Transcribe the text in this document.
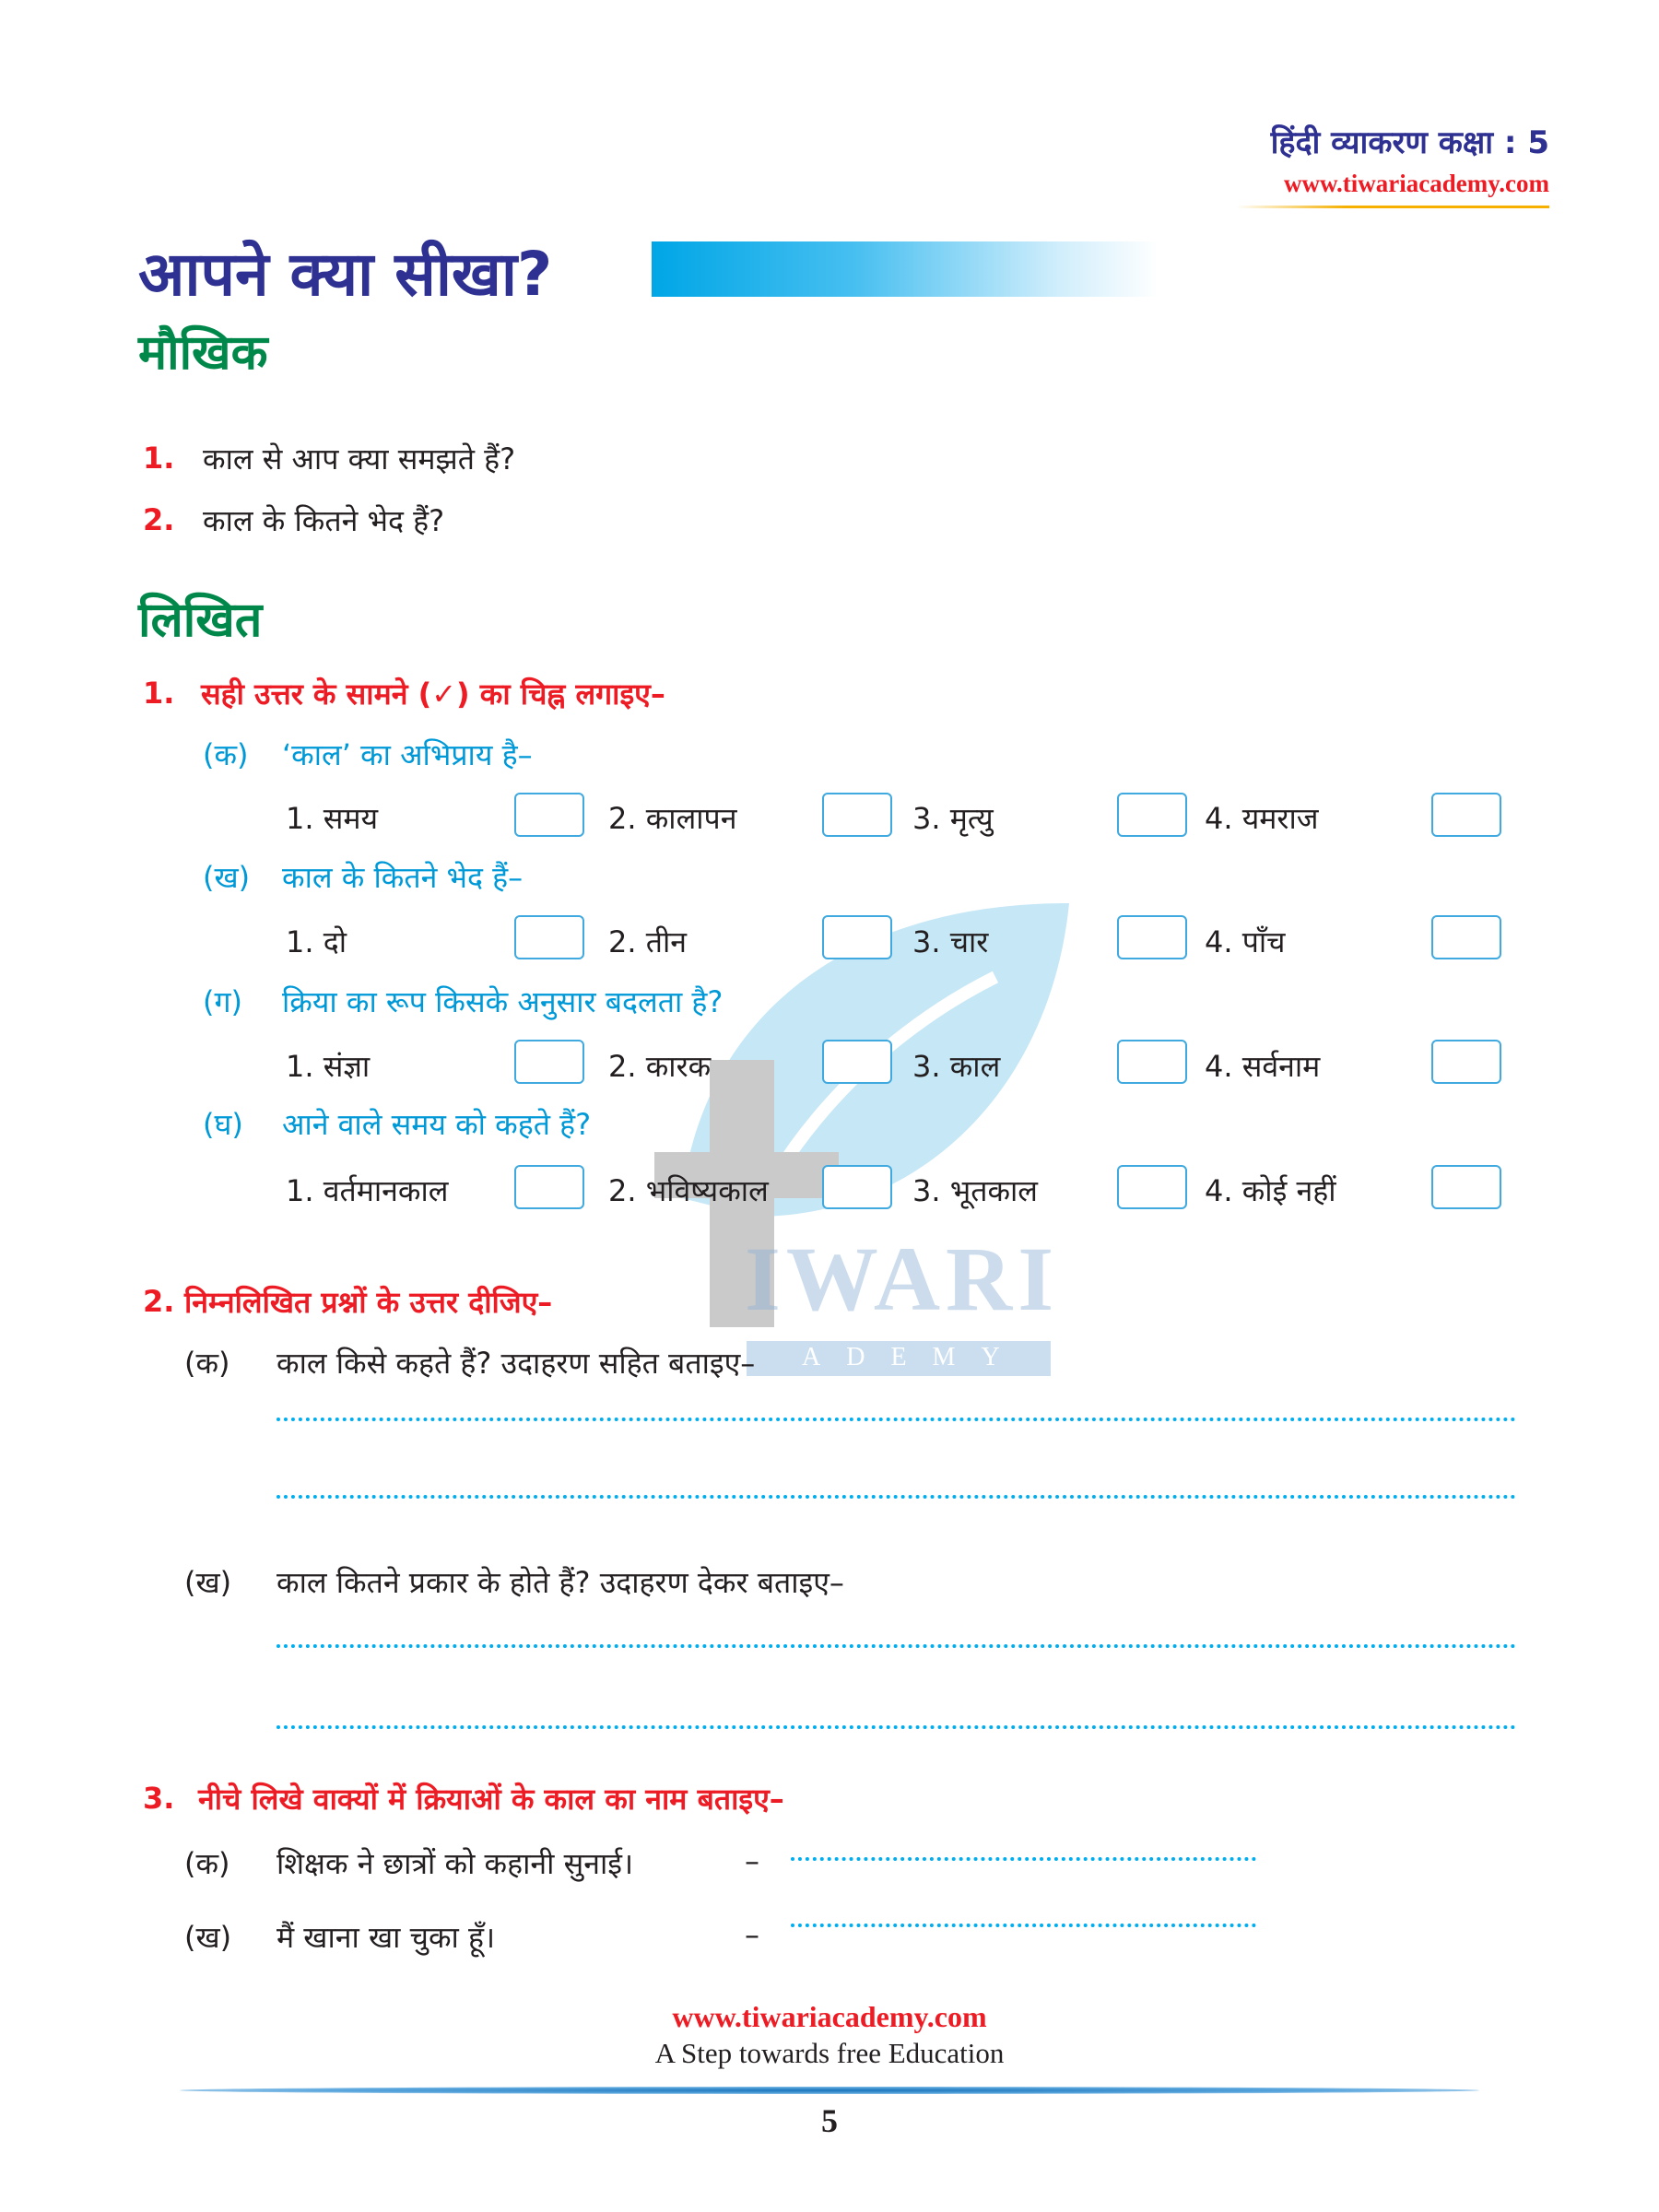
हिंदी व्याकरण कक्षा : 5
www.tiwariacademy.com
IWARI
ADEMY
आपने क्या सीखा?
मौखिक
1. काल से आप क्या समझते हैं?
2. काल के कितने भेद हैं?
लिखित
1. सही उत्तर के सामने (✓) का चिह्न लगाइए–
(क) ‘काल’ का अभिप्राय है–
1. समय	2. कालापन	3. मृत्यु	4. यमराज
(ख) काल के कितने भेद हैं–
1. दो	2. तीन	3. चार	4. पाँच
(ग) क्रिया का रूप किसके अनुसार बदलता है?
1. संज्ञा	2. कारक	3. काल	4. सर्वनाम
(घ) आने वाले समय को कहते हैं?
1. वर्तमानकाल	2. भविष्यकाल	3. भूतकाल	4. कोई नहीं
2. निम्नलिखित प्रश्नों के उत्तर दीजिए–
(क) काल किसे कहते हैं? उदाहरण सहित बताइए–
(ख) काल कितने प्रकार के होते हैं? उदाहरण देकर बताइए–
3. नीचे लिखे वाक्यों में क्रियाओं के काल का नाम बताइए–
(क) शिक्षक ने छात्रों को कहानी सुनाई।	–
(ख) मैं खाना खा चुका हूँ।	–
www.tiwariacademy.com
A Step towards free Education
5
